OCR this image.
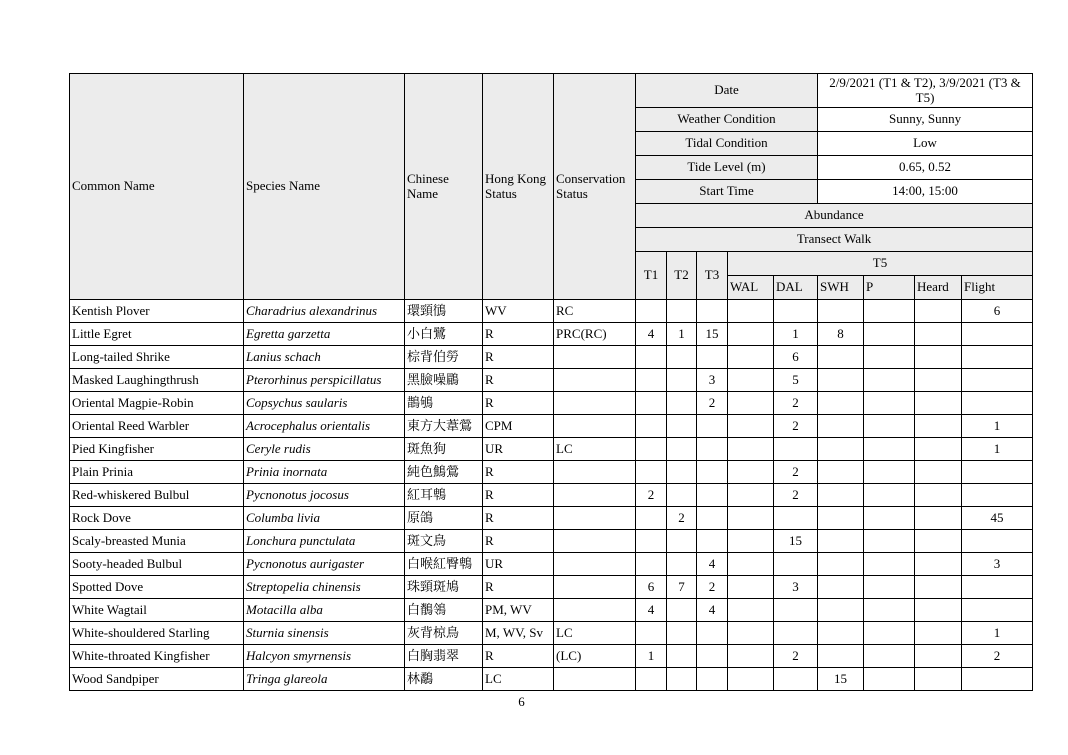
Common Name	Species Name	Chinese Name	Hong Kong Status	Conservation Status	Date					2/9/2021 (T1 & T2), 3/9/2021 (T3 & T5)			
					Weather Condition					Sunny, Sunny			
					Tidal Condition					Low			
					Tide Level (m)					0.65, 0.52			
					Start Time					14:00, 15:00			
					Abundance								
					Transect Walk								
					T1	T2	T3	T5					
								WAL	DAL	SWH	P	Heard	Flight
Kentish Plover	Charadrius alexandrinus	環頸鴴	WV	RC									6
Little Egret	Egretta garzetta	小白鷺	R	PRC(RC)	4	1	15		1	8			
Long-tailed Shrike	Lanius schach	棕背伯勞	R						6				
Masked Laughingthrush	Pterorhinus perspicillatus	黑臉噪鶥	R				3		5				
Oriental Magpie-Robin	Copsychus saularis	鵲鴝	R				2		2				
Oriental Reed Warbler	Acrocephalus orientalis	東方大葦鶯	CPM						2				1
Pied Kingfisher	Ceryle rudis	斑魚狗	UR	LC									1
Plain Prinia	Prinia inornata	純色鷦鶯	R						2				
Red-whiskered Bulbul	Pycnonotus jocosus	紅耳鵯	R		2				2				
Rock Dove	Columba livia	原鴿	R			2							45
Scaly-breasted Munia	Lonchura punctulata	斑文鳥	R						15				
Sooty-headed Bulbul	Pycnonotus aurigaster	白喉紅臀鵯	UR				4						3
Spotted Dove	Streptopelia chinensis	珠頸斑鳩	R		6	7	2		3				
White Wagtail	Motacilla alba	白鶺鴒	PM, WV		4		4						
White-shouldered Starling	Sturnia sinensis	灰背椋鳥	M, WV, Sv	LC									1
White-throated Kingfisher	Halcyon smyrnensis	白胸翡翠	R	(LC)	1				2				2
Wood Sandpiper	Tringa glareola	林鷸	LC							15			
6
